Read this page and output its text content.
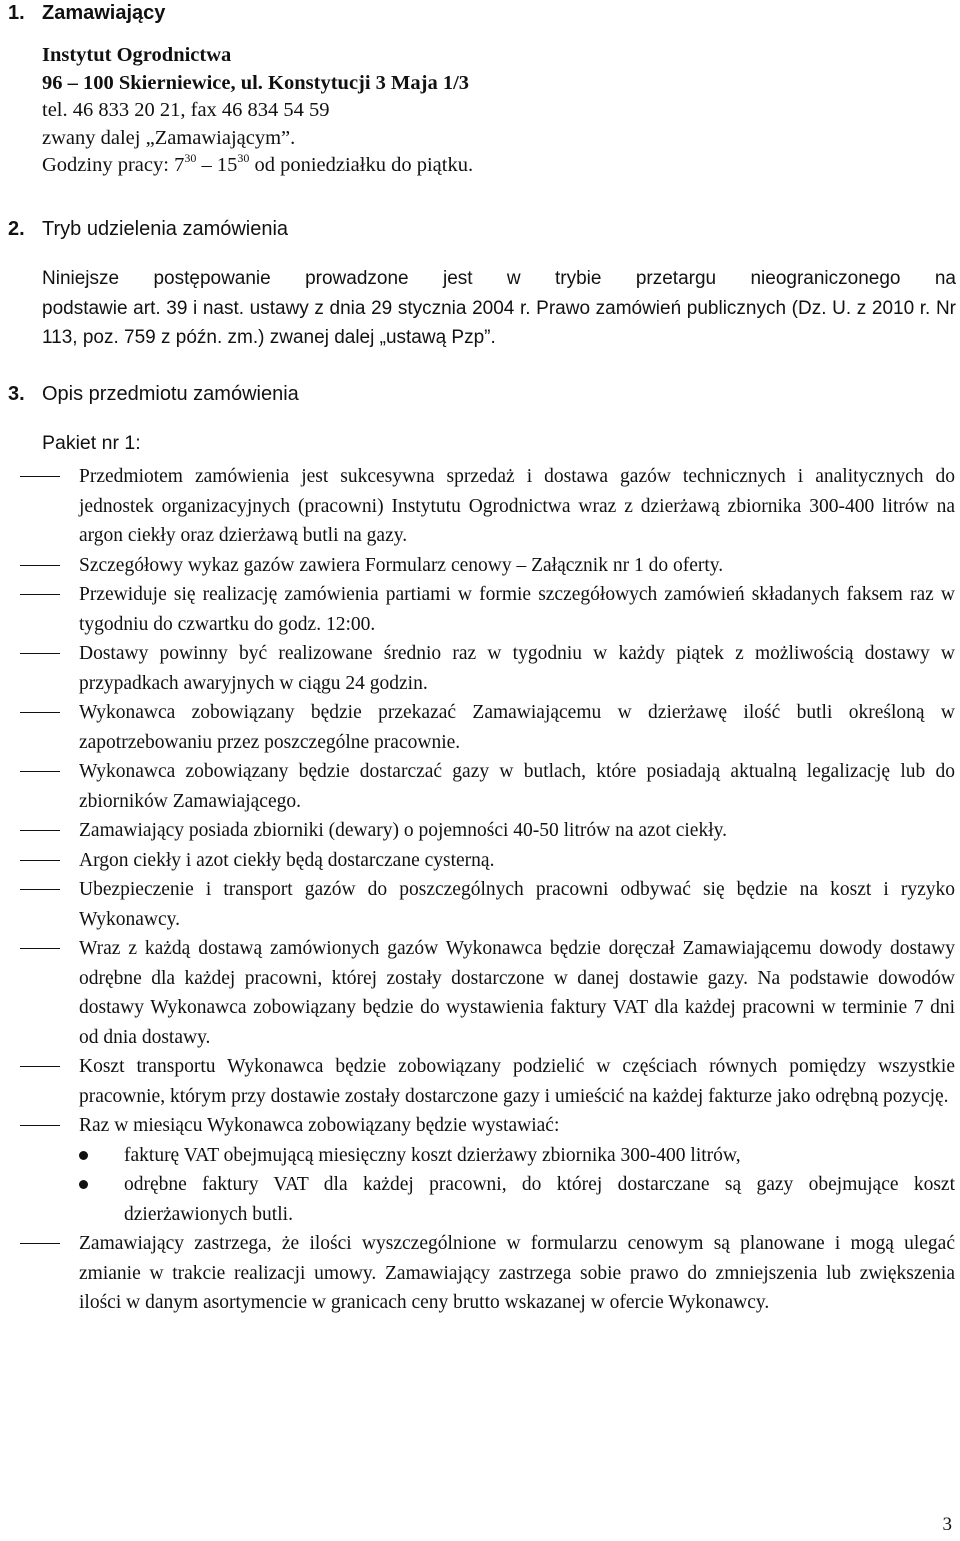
1. Zamawiający
Instytut Ogrodnictwa
96 – 100 Skierniewice, ul. Konstytucji 3 Maja 1/3
tel. 46 833 20 21, fax 46 834 54 59
zwany dalej „Zamawiającym”.
Godziny pracy: $7^{30} - 15^{30}$ od poniedziałku do piątku.
2. Tryb udzielenia zamówienia
Niniejsze postępowanie prowadzone jest w trybie przetargu nieograniczonego na
podstawie art. 39 i nast. ustawy z dnia 29 stycznia 2004 r. Prawo zamówień publicznych (Dz. U. z 2010 r. Nr 113, poz. 759 z późn. zm.) zwanej dalej „ustawą Pzp”.
3. Opis przedmiotu zamówienia
Pakiet nr 1:
Przedmiotem zamówienia jest sukcesywna sprzedaż i dostawa gazów technicznych i analitycznych do jednostek organizacyjnych (pracowni) Instytutu Ogrodnictwa wraz z dzierżawą zbiornika 300-400 litrów na argon ciekły oraz dzierżawą butli na gazy.
Szczegółowy wykaz gazów zawiera Formularz cenowy – Załącznik nr 1 do oferty.
Przewiduje się realizację zamówienia partiami w formie szczegółowych zamówień składanych faksem raz w tygodniu do czwartku do godz. 12:00.
Dostawy powinny być realizowane średnio raz w tygodniu w każdy piątek z możliwością dostawy w przypadkach awaryjnych w ciągu 24 godzin.
Wykonawca zobowiązany będzie przekazać Zamawiającemu w dzierżawę ilość butli określoną w zapotrzebowaniu przez poszczególne pracownie.
Wykonawca zobowiązany będzie dostarczać gazy w butlach, które posiadają aktualną legalizację lub do zbiorników Zamawiającego.
Zamawiający posiada zbiorniki (dewary) o pojemności 40-50 litrów na azot ciekły.
Argon ciekły i azot ciekły będą dostarczane cysterną.
Ubezpieczenie i transport gazów do poszczególnych pracowni odbywać się będzie na koszt i ryzyko Wykonawcy.
Wraz z każdą dostawą zamówionych gazów Wykonawca będzie doręczał Zamawiającemu dowody dostawy odrębne dla każdej pracowni, której zostały dostarczone w danej dostawie gazy. Na podstawie dowodów dostawy Wykonawca zobowiązany będzie do wystawienia faktury VAT dla każdej pracowni w terminie 7 dni od dnia dostawy.
Koszt transportu Wykonawca będzie zobowiązany podzielić w częściach równych pomiędzy wszystkie pracownie, którym przy dostawie zostały dostarczone gazy i umieścić na każdej fakturze jako odrębną pozycję.
Raz w miesiącu Wykonawca zobowiązany będzie wystawiać:
fakturę VAT obejmującą miesięczny koszt dzierżawy zbiornika 300-400 litrów,
odrębne faktury VAT dla każdej pracowni, do której dostarczane są gazy obejmujące koszt dzierżawionych butli.
Zamawiający zastrzega, że ilości wyszczególnione w formularzu cenowym są planowane i mogą ulegać zmianie w trakcie realizacji umowy. Zamawiający zastrzega sobie prawo do zmniejszenia lub zwiększenia ilości w danym asortymencie w granicach ceny brutto wskazanej w ofercie Wykonawcy.
3
